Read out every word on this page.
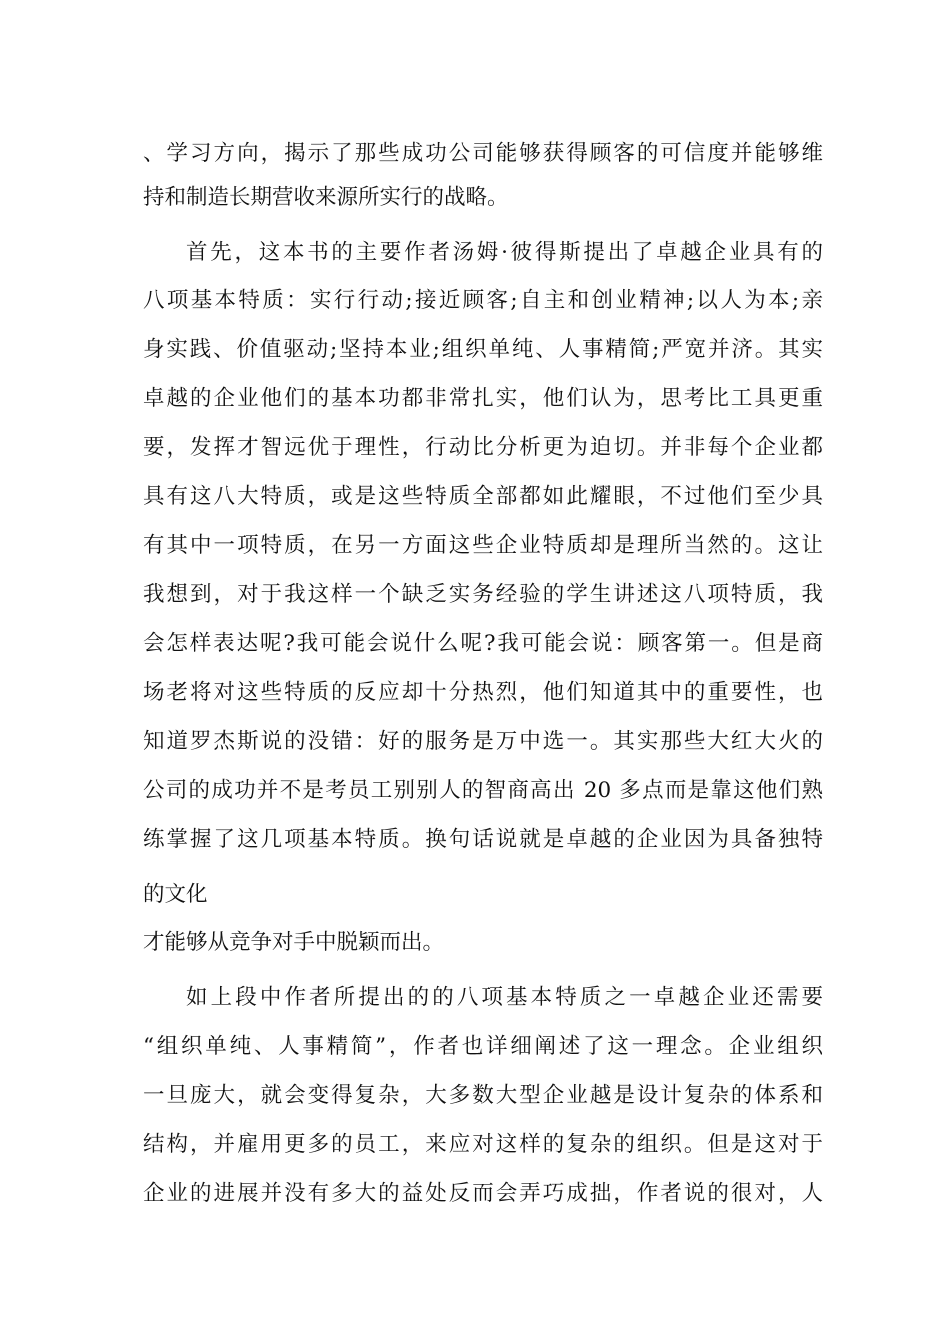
、学习方向，揭示了那些成功公司能够获得顾客的可信度并能够维
持和制造长期营收来源所实行的战略。
首先，这本书的主要作者汤姆·彼得斯提出了卓越企业具有的
八项基本特质：实行行动;接近顾客;自主和创业精神;以人为本;亲
身实践、价值驱动;坚持本业;组织单纯、人事精简;严宽并济。其实
卓越的企业他们的基本功都非常扎实，他们认为，思考比工具更重
要，发挥才智远优于理性，行动比分析更为迫切。并非每个企业都
具有这八大特质，或是这些特质全部都如此耀眼，不过他们至少具
有其中一项特质，在另一方面这些企业特质却是理所当然的。这让
我想到，对于我这样一个缺乏实务经验的学生讲述这八项特质，我
会怎样表达呢?我可能会说什么呢?我可能会说：顾客第一。但是商
场老将对这些特质的反应却十分热烈，他们知道其中的重要性，也
知道罗杰斯说的没错：好的服务是万中选一。其实那些大红大火的
公司的成功并不是考员工别别人的智商高出 20 多点而是靠这他们熟
练掌握了这几项基本特质。换句话说就是卓越的企业因为具备独特
的文化
才能够从竞争对手中脱颖而出。
如上段中作者所提出的的八项基本特质之一卓越企业还需要
“组织单纯、人事精简”，作者也详细阐述了这一理念。企业组织
一旦庞大，就会变得复杂，大多数大型企业越是设计复杂的体系和
结构，并雇用更多的员工，来应对这样的复杂的组织。但是这对于
企业的进展并没有多大的益处反而会弄巧成拙，作者说的很对，人
